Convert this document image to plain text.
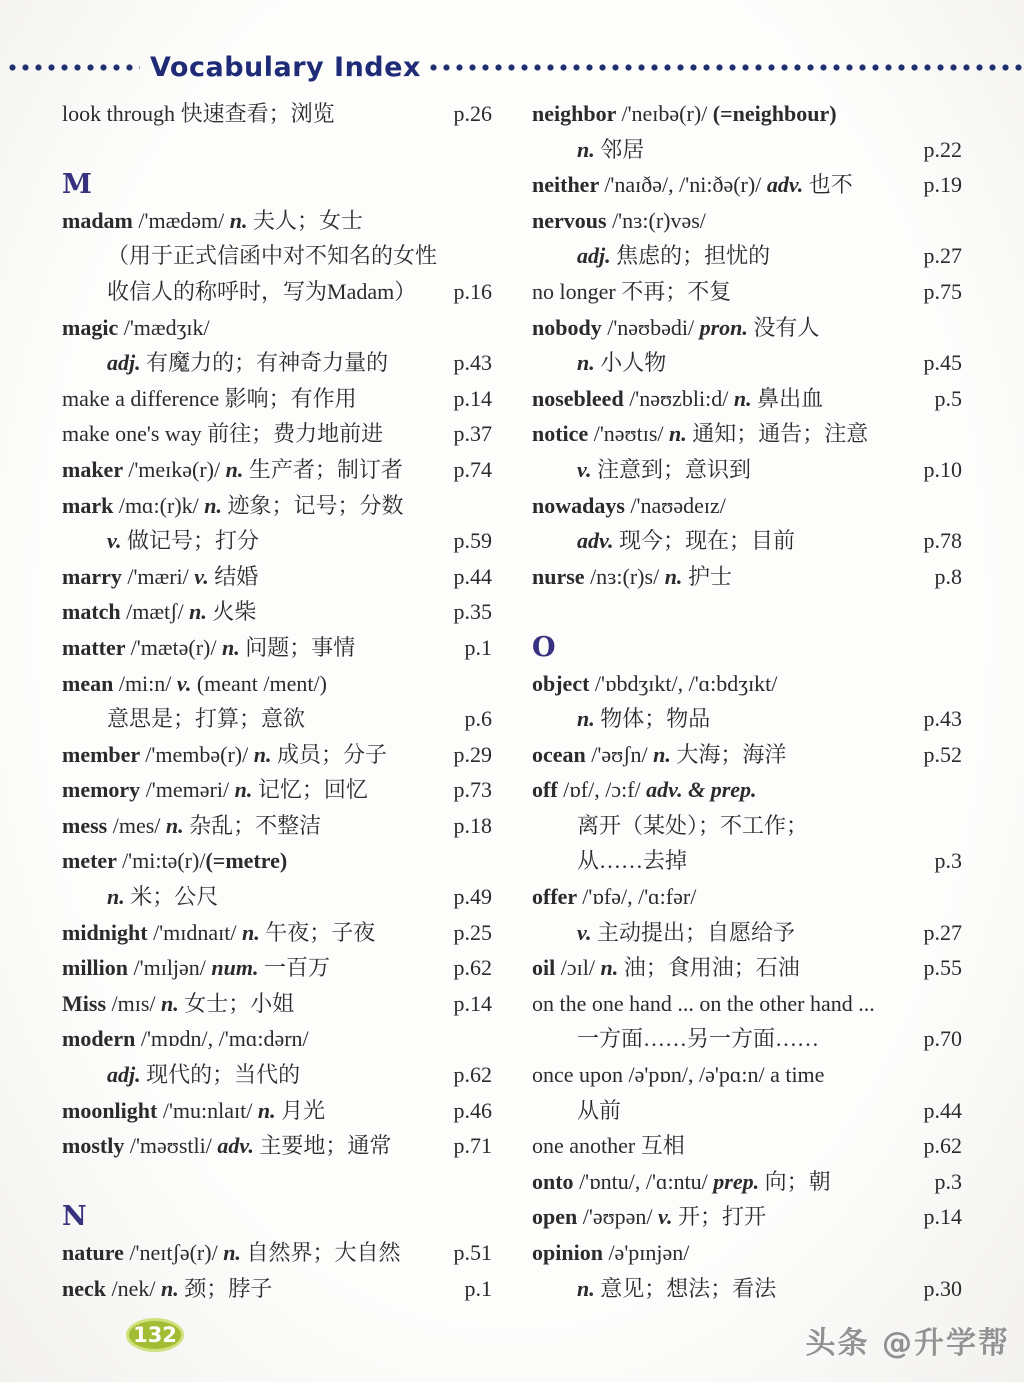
Vocabulary Index
look through 快速查看；浏览	p.26
M
madam /'mædəm/ n. 夫人；女士
（用于正式信函中对不知名的女性
收信人的称呼时，写为Madam） p.16
magic /'mædʒɪk/
adj. 有魔力的；有神奇力量的	p.43
make a difference 影响；有作用	p.14
make one's way 前往；费力地前进	p.37
maker /'meɪkə(r)/ n. 生产者；制订者 p.74
mark /mɑ:(r)k/ n. 迹象；记号；分数
v. 做记号；打分	p.59
marry /'mæri/ v. 结婚	p.44
match /mætʃ/ n. 火柴	p.35
matter /'mætə(r)/ n. 问题；事情	p.1
mean /mi:n/ v. (meant /ment/)
意思是；打算；意欲	p.6
member /'membə(r)/ n. 成员；分子	p.29
memory /'meməri/ n. 记忆；回忆	p.73
mess /mes/ n. 杂乱；不整洁	p.18
meter /'mi:tə(r)/(=metre)
n. 米；公尺	p.49
midnight /'mɪdnaɪt/ n. 午夜；子夜	p.25
million /'mɪljən/ num. 一百万	p.62
Miss /mɪs/ n. 女士；小姐	p.14
modern /'mɒdn/, /'mɑ:dərn/
adj. 现代的；当代的	p.62
moonlight /'mu:nlaɪt/ n. 月光	p.46
mostly /'məʊstli/ adv. 主要地；通常	p.71
N
nature /'neɪtʃə(r)/ n. 自然界；大自然 p.51
neck /nek/ n. 颈；脖子	p.1
neighbor /'neɪbə(r)/ (=neighbour)
n. 邻居	p.22
neither /'naɪðə/, /'ni:ðə(r)/ adv. 也不	p.19
nervous /'nɜ:(r)vəs/
adj. 焦虑的；担忧的	p.27
no longer 不再；不复	p.75
nobody /'nəʊbədi/ pron. 没有人
n. 小人物	p.45
nosebleed /'nəʊzbli:d/ n. 鼻出血	p.5
notice /'nəʊtɪs/ n. 通知；通告；注意
v. 注意到；意识到	p.10
nowadays /'naʊədeɪz/
adv. 现今；现在；目前	p.78
nurse /nɜ:(r)s/ n. 护士	p.8
O
object /'ɒbdʒɪkt/, /'ɑ:bdʒɪkt/
n. 物体；物品	p.43
ocean /'əʊʃn/ n. 大海；海洋	p.52
off /ɒf/, /ɔ:f/ adv. & prep.
离开（某处）；不工作；
从……去掉	p.3
offer /'ɒfə/, /'ɑ:fər/
v. 主动提出；自愿给予	p.27
oil /ɔɪl/ n. 油；食用油；石油	p.55
on the one hand ... on the other hand ...
一方面……另一方面……	p.70
once upon /ə'pɒn/, /ə'pɑ:n/ a time
从前	p.44
one another 互相	p.62
onto /'ɒntu/, /'ɑ:ntu/ prep. 向；朝	p.3
open /'əʊpən/ v. 开；打开	p.14
opinion /ə'pɪnjən/
n. 意见；想法；看法	p.30
132	头条 @升学帮
